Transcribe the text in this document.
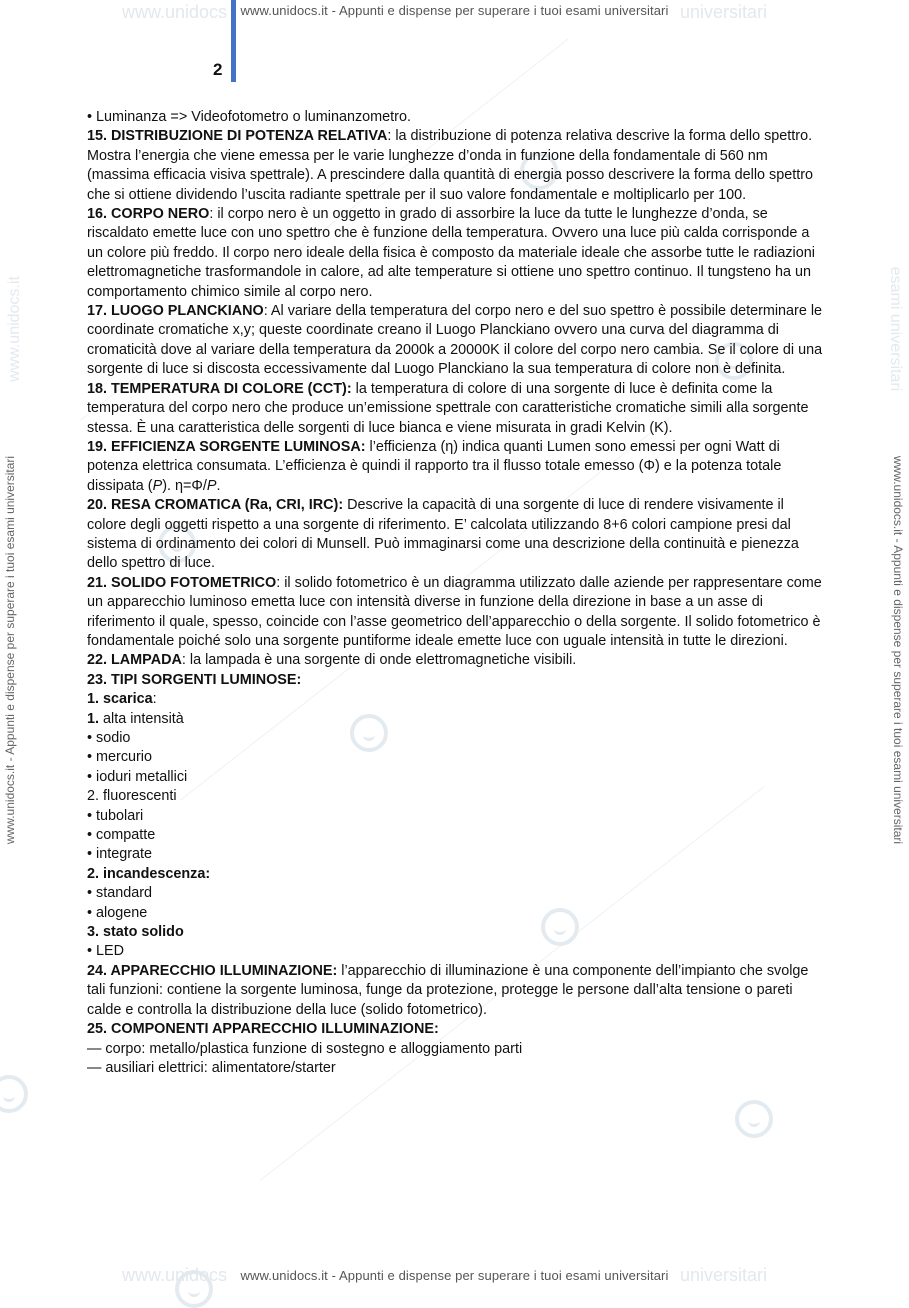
www.unidocs	universitari
www.unidocs	universitari
www.unidocs.it	esami universitari
www.unidocs.it - Appunti e dispense per superare i tuoi esami universitari
www.unidocs.it - Appunti e dispense per superare i tuoi esami universitari
www.unidocs.it - Appunti e dispense per superare i tuoi esami universitari	www.unidocs.it - Appunti e dispense per superare i tuoi esami universitari
2

• Luminanza => Videofotometro o luminanzometro.

15. DISTRIBUZIONE DI POTENZA RELATIVA: la distribuzione di potenza relativa descrive la forma dello spettro. Mostra l’energia che viene emessa per le varie lunghezze d’onda in funzione della fondamentale di 560 nm (massima efficacia visiva spettrale). A prescindere dalla quantità di energia posso descrivere la forma dello spettro che si ottiene dividendo l’uscita radiante spettrale per il suo valore fondamentale e moltiplicarlo per 100.

16. CORPO NERO: il corpo nero è un oggetto in grado di assorbire la luce da tutte le lunghezze d’onda, se riscaldato emette luce con uno spettro che è funzione della temperatura. Ovvero una luce più calda corrisponde a un colore più freddo. Il corpo nero ideale della fisica è composto da materiale ideale che assorbe tutte le radiazioni elettromagnetiche trasformandole in calore, ad alte temperature si ottiene uno spettro continuo. Il tungsteno ha un comportamento chimico simile al corpo nero.

17. LUOGO PLANCKIANO: Al variare della temperatura del corpo nero e del suo spettro è possibile determinare le coordinate cromatiche x,y; queste coordinate creano il Luogo Planckiano ovvero una curva del diagramma di cromaticità dove al variare della temperatura da 2000k a 20000K il colore del corpo nero cambia. Se il colore di una sorgente di luce si discosta eccessivamente dal Luogo Planckiano la sua temperatura di colore non è definita.

18. TEMPERATURA DI COLORE (CCT): la temperatura di colore di una sorgente di luce è definita come la temperatura del corpo nero che produce un’emissione spettrale con caratteristiche cromatiche simili alla sorgente stessa. È una caratteristica delle sorgenti di luce bianca e viene misurata in gradi Kelvin (K).

19. EFFICIENZA SORGENTE LUMINOSA: l’efficienza (η) indica quanti Lumen sono emessi per ogni Watt di potenza elettrica consumata. L’efficienza è quindi il rapporto tra il flusso totale emesso (Φ) e la potenza totale dissipata (P). η=Φ/P.

20. RESA CROMATICA (Ra, CRI, IRC): Descrive la capacità di una sorgente di luce di rendere visivamente il colore degli oggetti rispetto a una sorgente di riferimento. E’ calcolata utilizzando 8+6 colori campione presi dal sistema di ordinamento dei colori di Munsell. Può immaginarsi come una descrizione della continuità e pienezza dello spettro di luce.

21. SOLIDO FOTOMETRICO: il solido fotometrico è un diagramma utilizzato dalle aziende per rappresentare come un apparecchio luminoso emetta luce con intensità diverse in funzione della direzione in base a un asse di riferimento il quale, spesso, coincide con l’asse geometrico dell’apparecchio o della sorgente. Il solido fotometrico è fondamentale poiché solo una sorgente puntiforme ideale emette luce con uguale intensità in tutte le direzioni.

22. LAMPADA: la lampada è una sorgente di onde elettromagnetiche visibili.

23. TIPI SORGENTI LUMINOSE:

1. scarica:

1. alta intensità

• sodio

• mercurio

• ioduri metallici

2. fluorescenti

• tubolari

• compatte

• integrate

2. incandescenza:

• standard

• alogene

3. stato solido

• LED

24. APPARECCHIO ILLUMINAZIONE: l’apparecchio di illuminazione è una componente dell’impianto che svolge tali funzioni: contiene la sorgente luminosa, funge da protezione, protegge le persone dall’alta tensione o pareti calde e controlla la distribuzione della luce (solido fotometrico).

25. COMPONENTI APPARECCHIO ILLUMINAZIONE:

— corpo: metallo/plastica funzione di sostegno e alloggiamento parti

— ausiliari elettrici: alimentatore/starter
